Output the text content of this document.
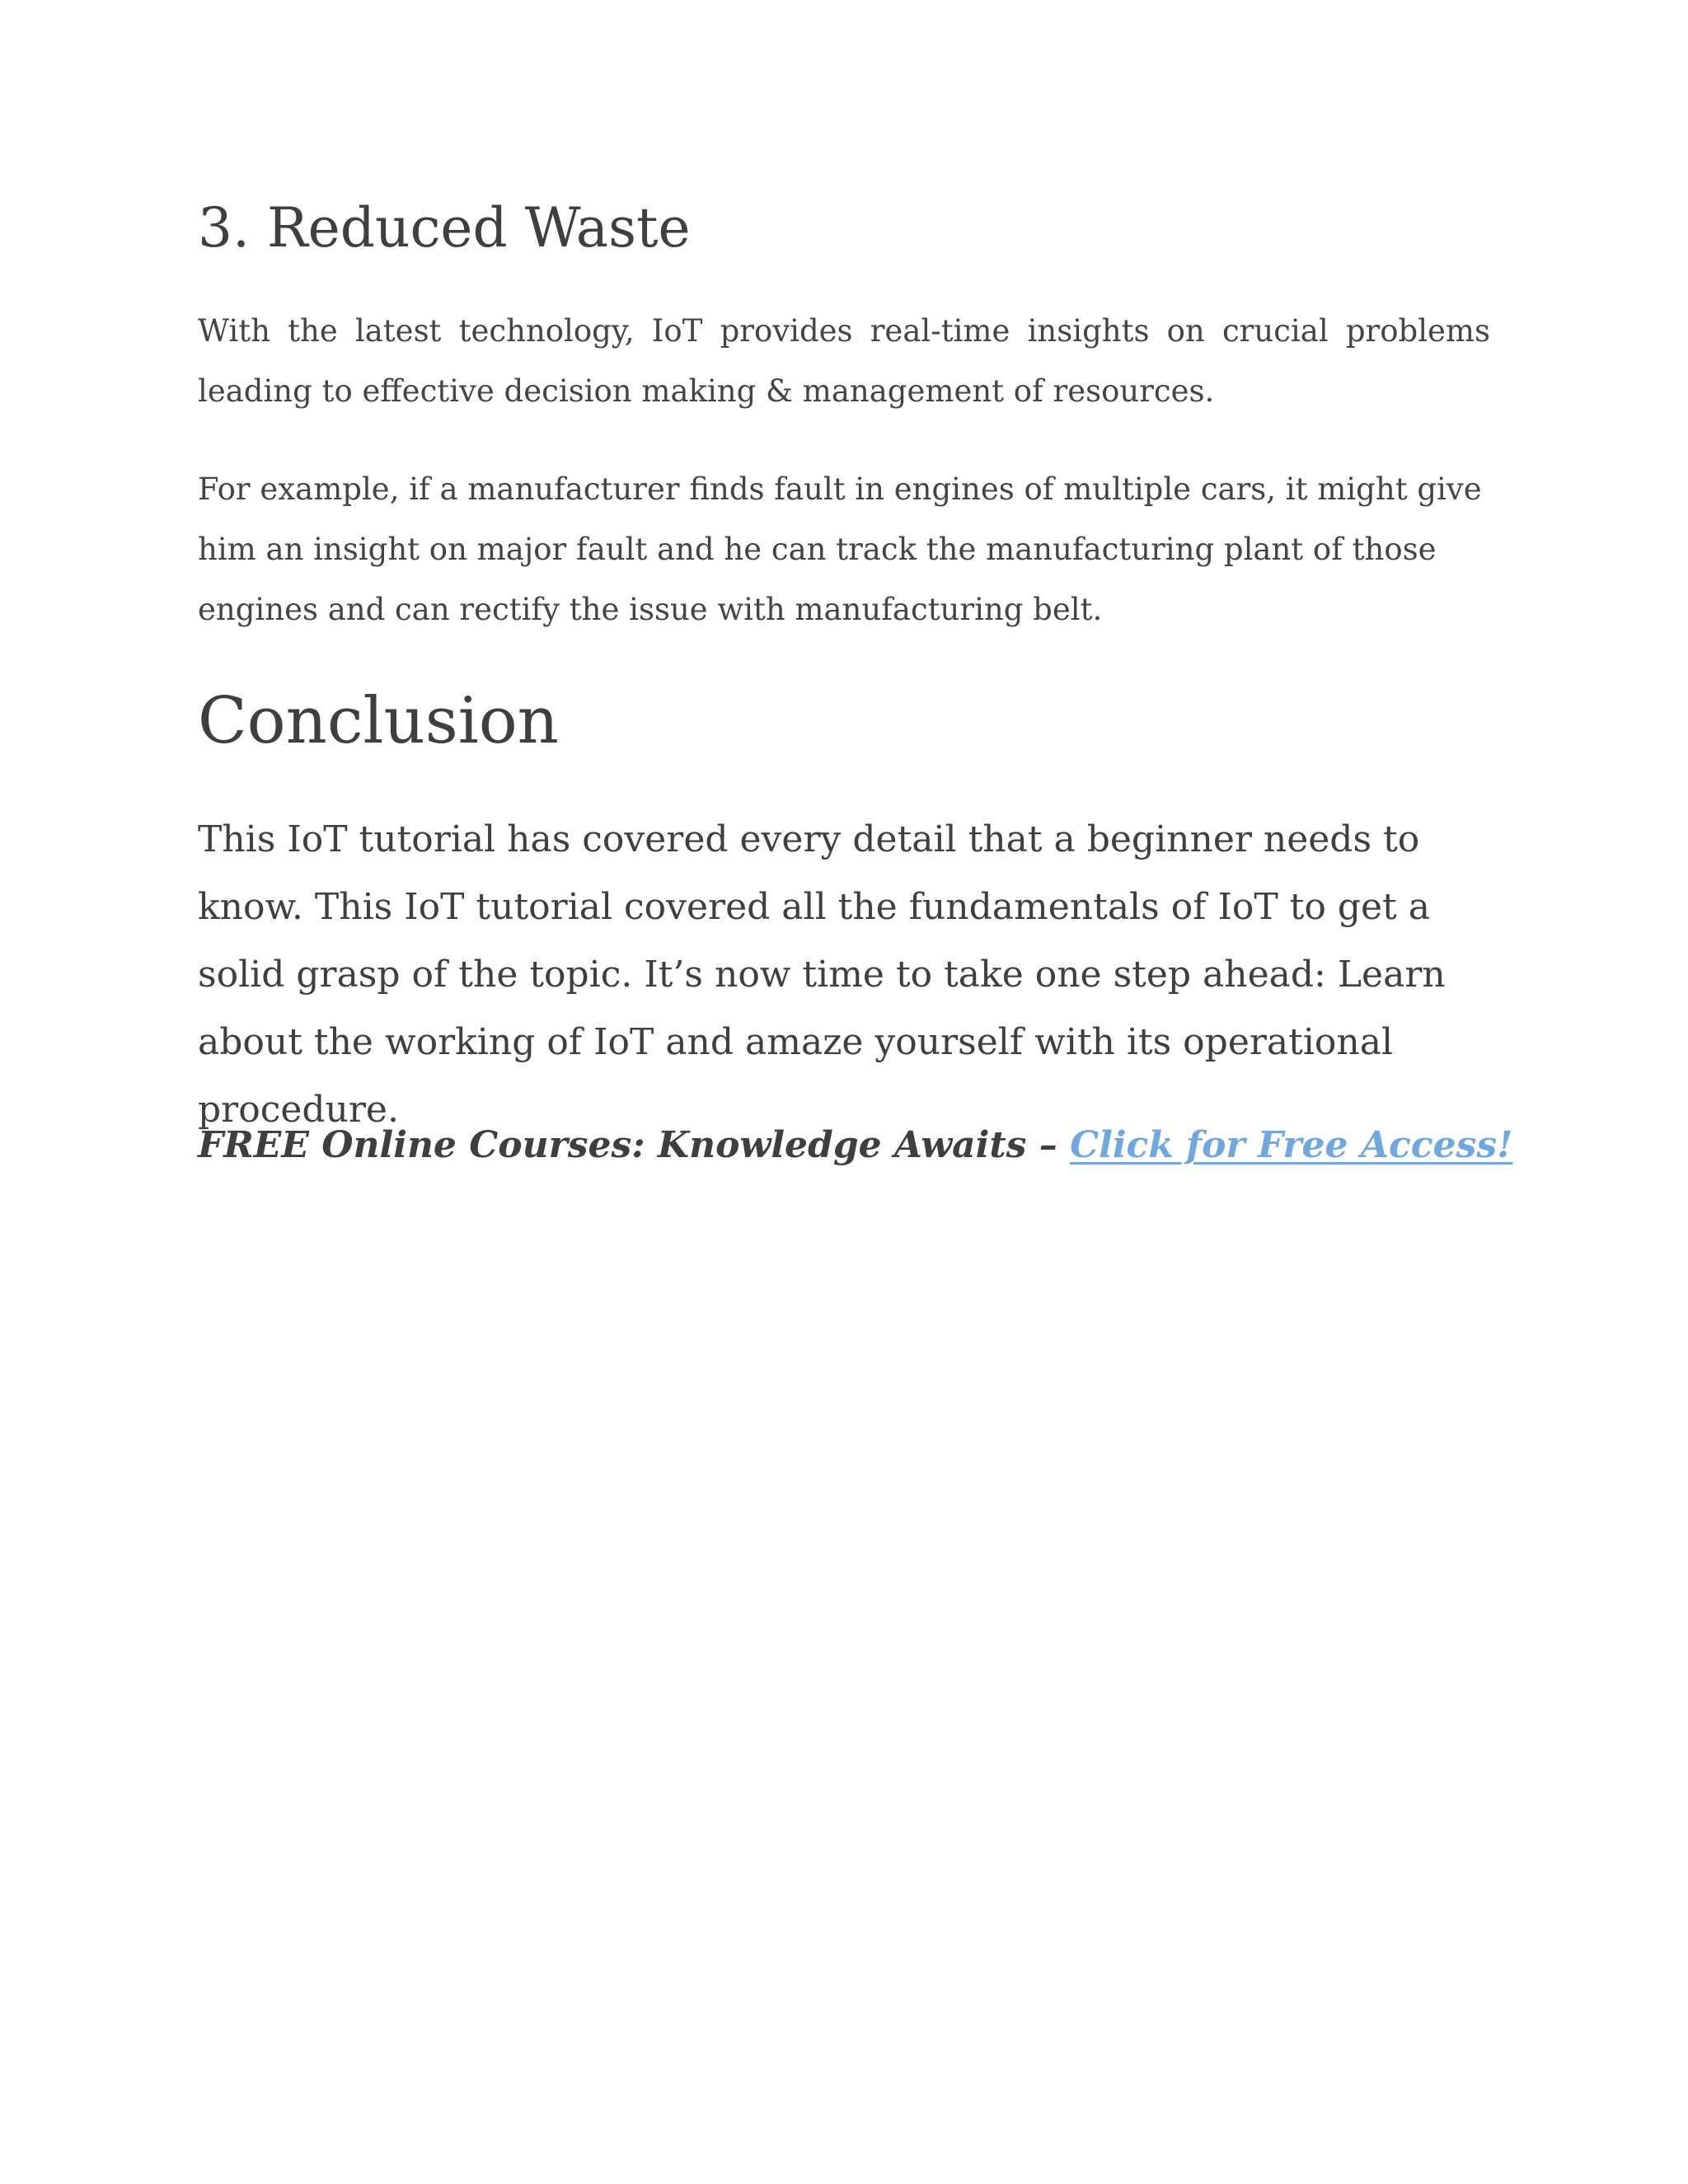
3. Reduced Waste

With the latest technology, IoT provides real-time insights on crucial problems leading to effective decision making & management of resources.

For example, if a manufacturer finds fault in engines of multiple cars, it might give him an insight on major fault and he can track the manufacturing plant of those engines and can rectify the issue with manufacturing belt.

Conclusion

This IoT tutorial has covered every detail that a beginner needs to know. This IoT tutorial covered all the fundamentals of IoT to get a solid grasp of the topic. It’s now time to take one step ahead: Learn about the working of IoT and amaze yourself with its operational procedure.

FREE Online Courses: Knowledge Awaits – Click for Free Access!
